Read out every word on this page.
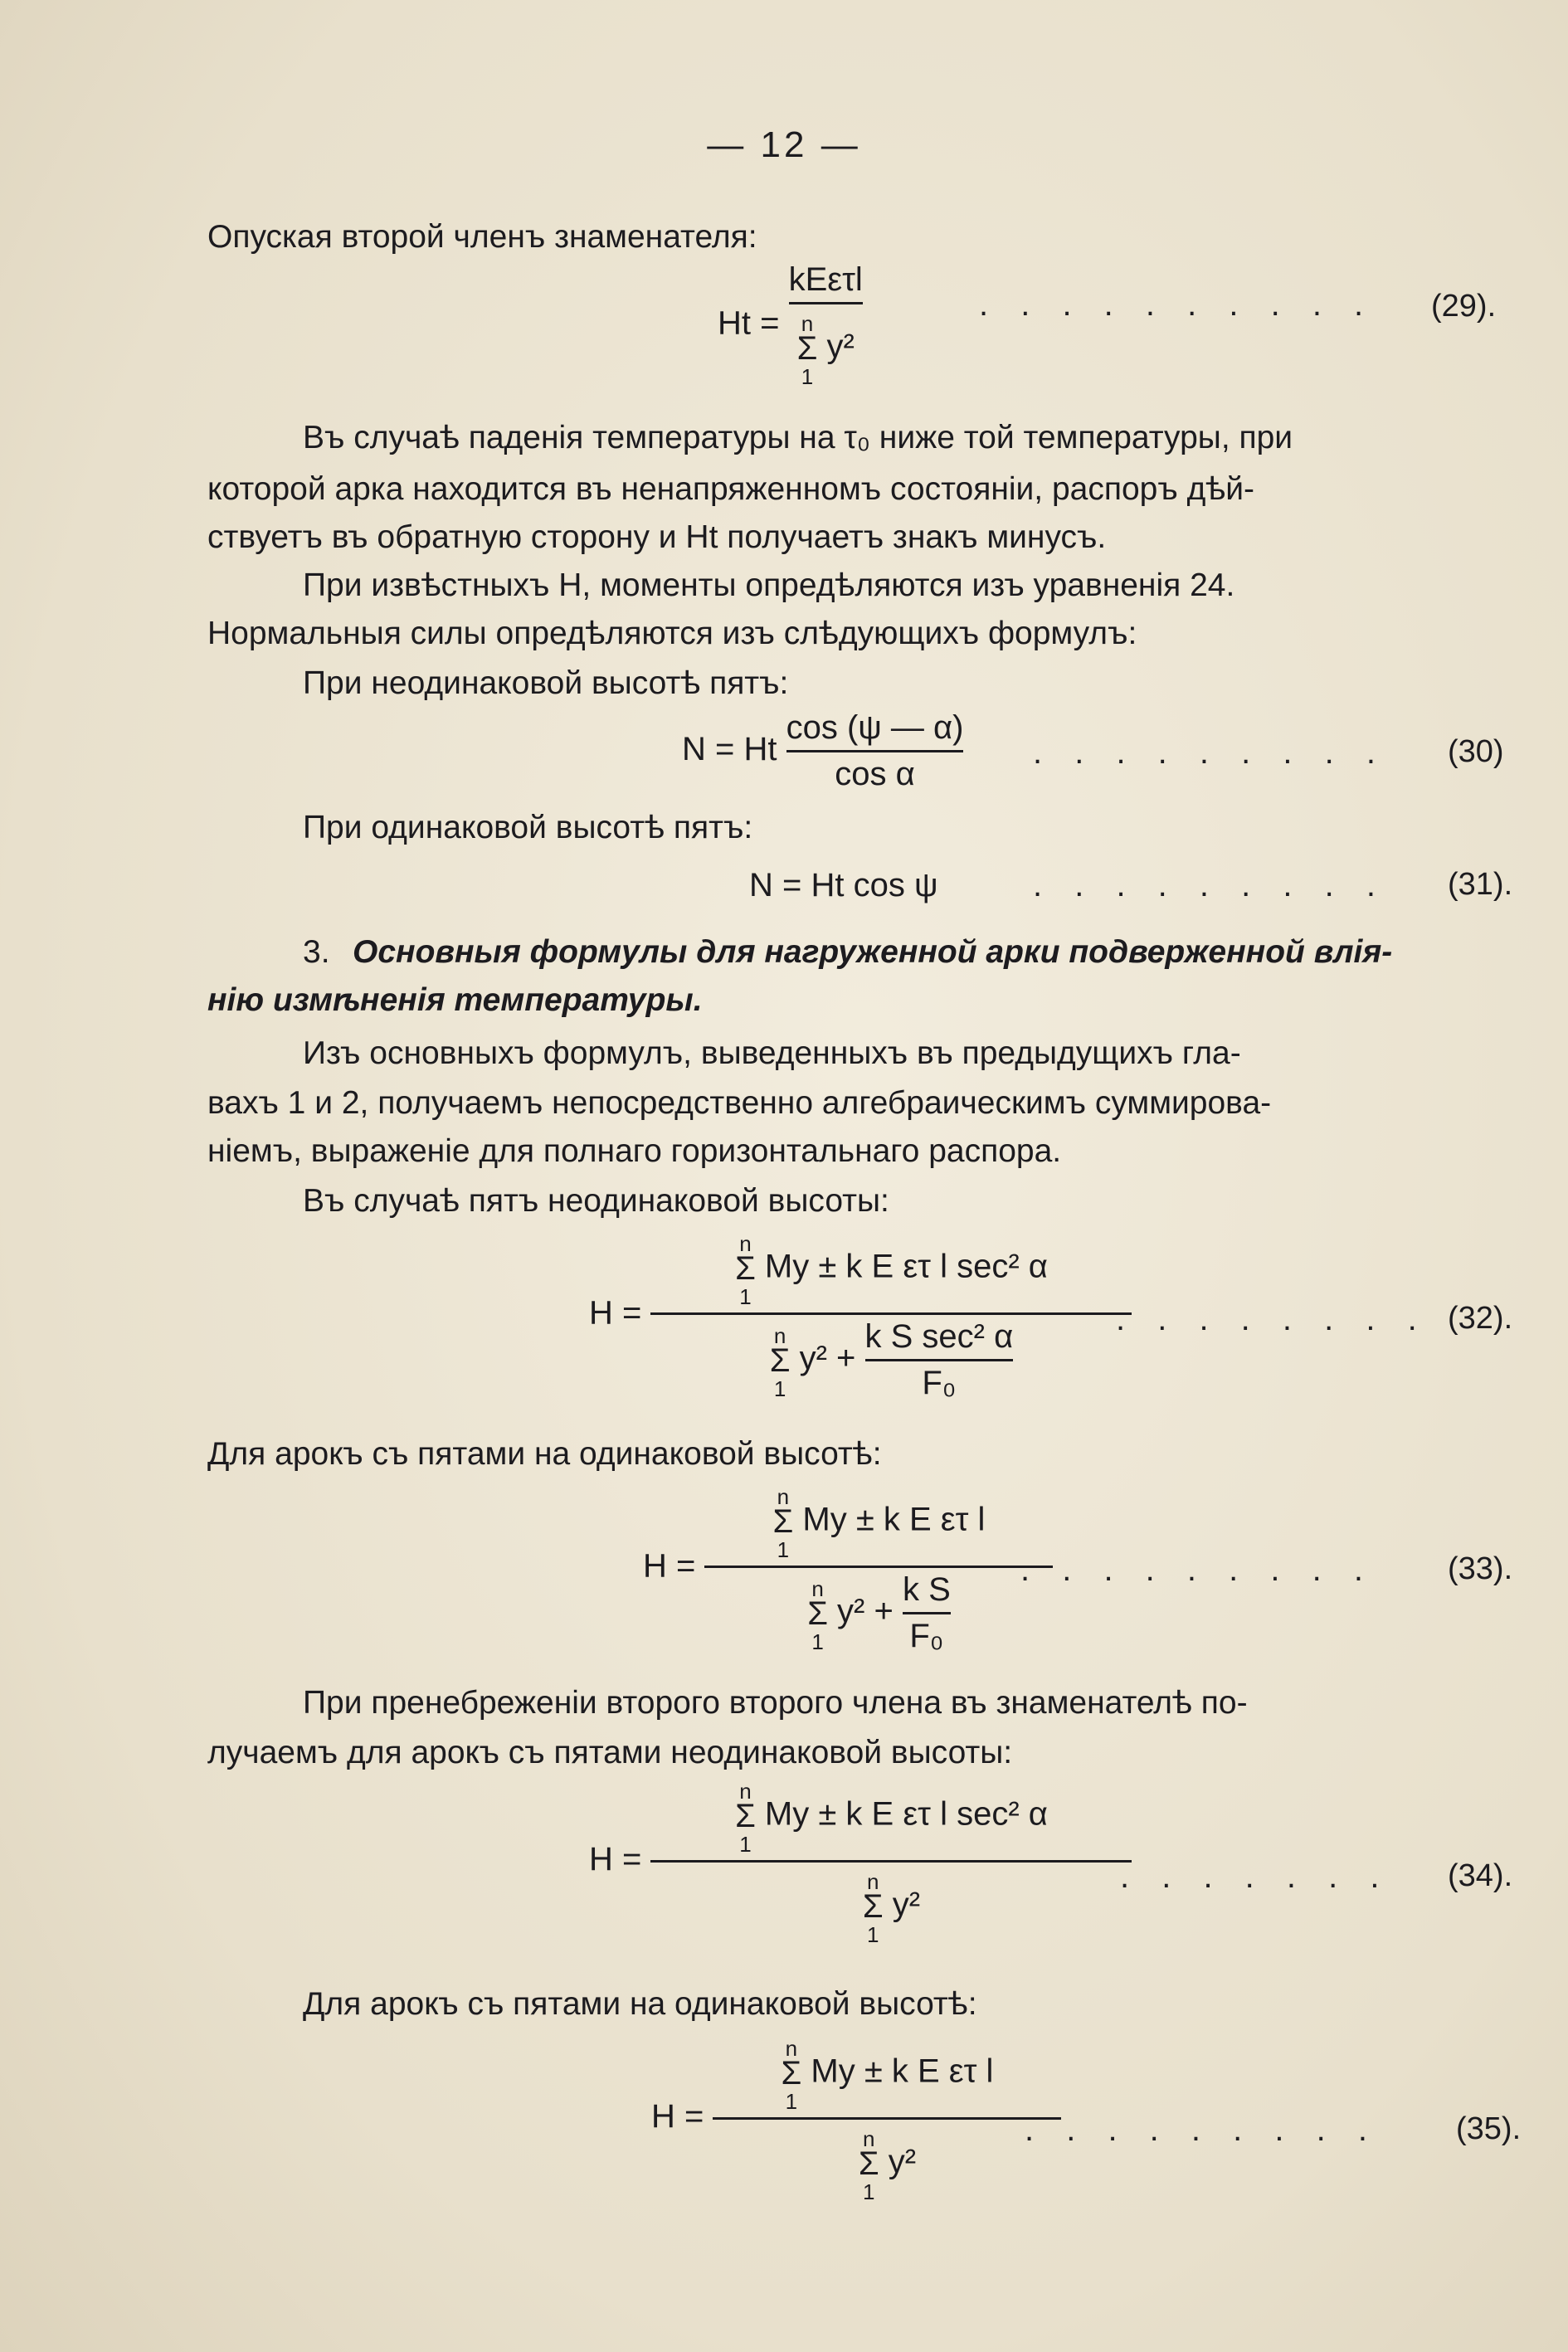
— 12 —
Опуская второй членъ знаменателя:
Ht =
kEετl
n
Σ
1 y²
. . . . . . . . . . (29).
Въ случаѣ паденія температуры на τ₀ ниже той температуры, при
которой арка находится въ ненапряженномъ состояніи, распоръ дѣй-
ствуетъ въ обратную сторону и Ht получаетъ знакъ минусъ.
При извѣстныхъ H, моменты опредѣляются изъ уравненія 24.
Нормальныя силы опредѣляются изъ слѣдующихъ формулъ:
При неодинаковой высотѣ пятъ:
N = Ht $\frac{\cos (\psi — \alpha)}{\text{cos α}}$ . . . . . . . . . (30)
При одинаковой высотѣ пятъ:
N = Ht cos ψ	. . . . . . . . . (31).
3. Основныя формулы для нагруженной арки подверженной влія-
нію измѣненія температуры.
Изъ основныхъ формулъ, выведенныхъ въ предыдущихъ гла-
вахъ 1 и 2, получаемъ непосредственно алгебраическимъ суммирова-
ніемъ, выраженіе для полнаго горизонтальнаго распора.
Въ случаѣ пятъ неодинаковой высоты:
H =
n
Σ
1 My ± k E ετ l sec² α
n
Σ
1 $y^2 + \frac{\text{k S sec² α}}{\text{F₀}}$	. . . . . . . . (32).
Для арокъ съ пятами на одинаковой высотѣ:
H =
n
Σ
1 My ± k E ετ l
n
Σ
1 $y^2 + \frac{\text{k S}}{\text{F₀}}$
. . . . . . . . . (33).
При пренебреженіи второго второго члена въ знаменателѣ по-
лучаемъ для арокъ съ пятами неодинаковой высоты:
H =
n
Σ
1 My ± k E ετ l sec² α
n
Σ
1 y²
. . . . . . . (34).
Для арокъ съ пятами на одинаковой высотѣ:
H =
n
Σ
1 My ± k E ετ l
n
Σ
1 y²
. . . . . . . . . (35).
